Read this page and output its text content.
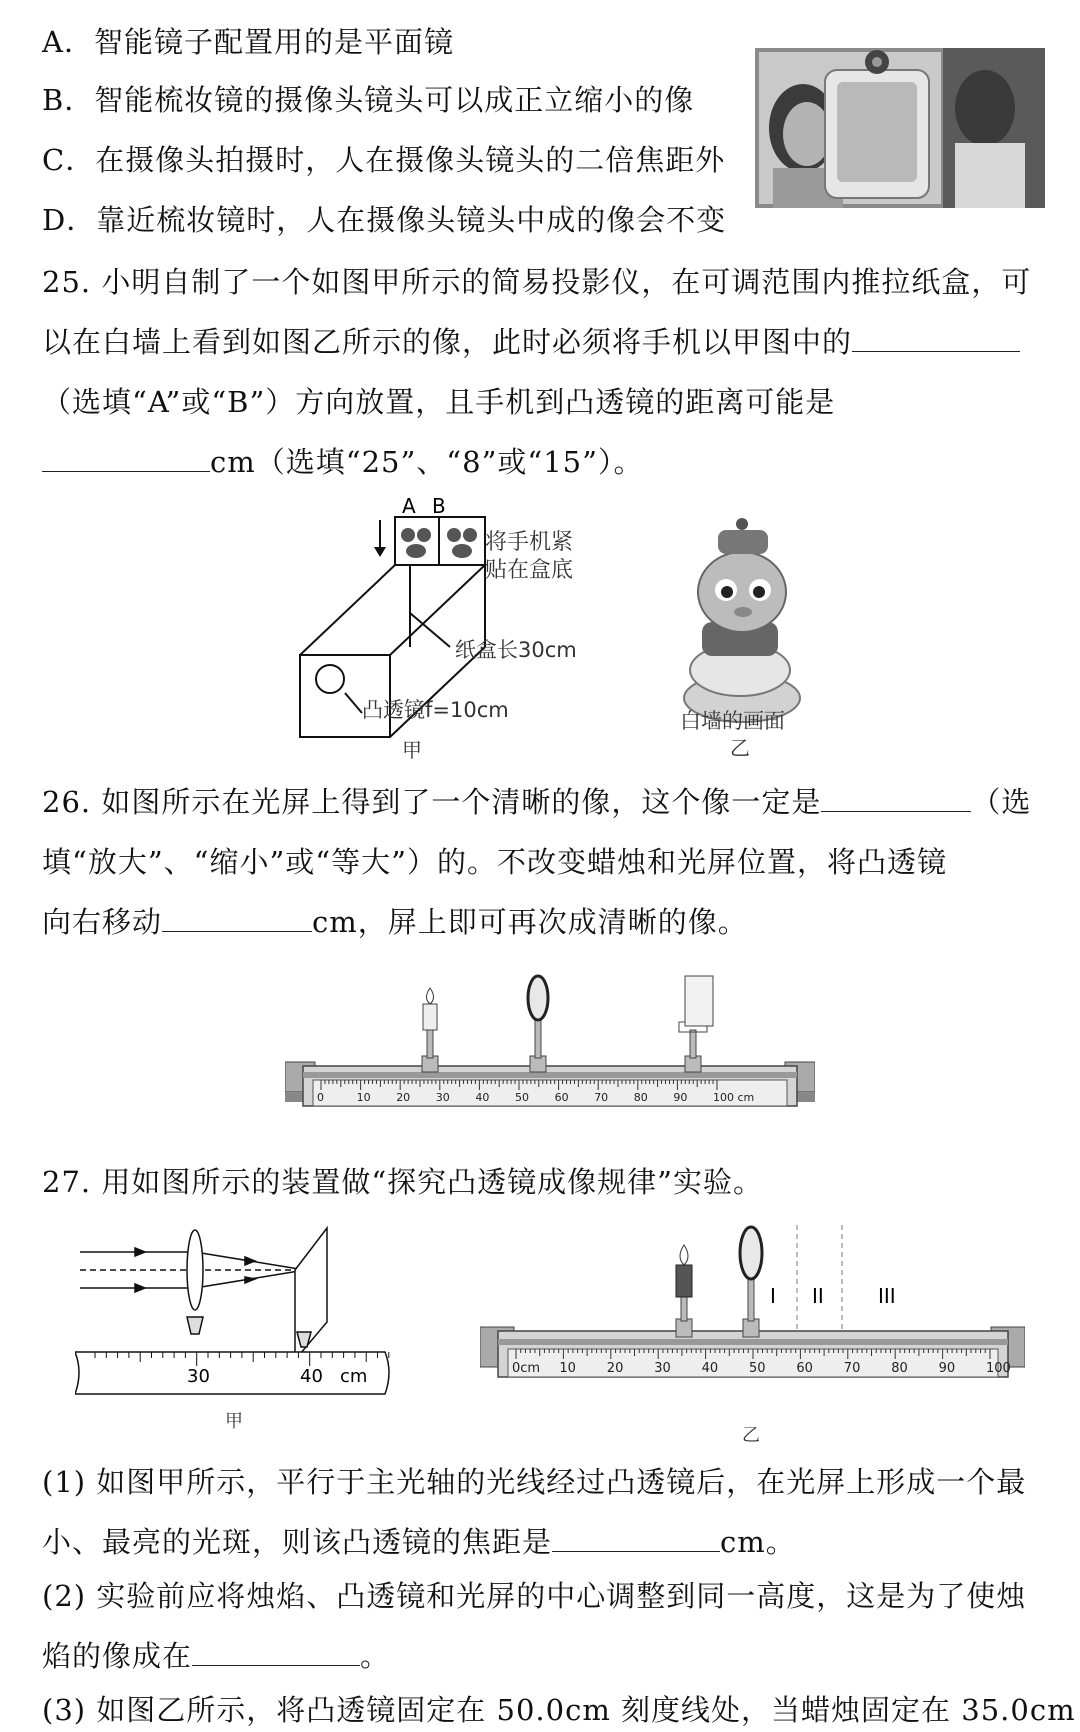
A．智能镜子配置用的是平面镜
B．智能梳妆镜的摄像头镜头可以成正立缩小的像
C．在摄像头拍摄时，人在摄像头镜头的二倍焦距外
D．靠近梳妆镜时，人在摄像头镜头中成的像会不变
25. 小明自制了一个如图甲所示的简易投影仪，在可调范围内推拉纸盒，可
以在白墙上看到如图乙所示的像，此时必须将手机以甲图中的
（选填“A”或“B”）方向放置，且手机到凸透镜的距离可能是
cm（选填“25”、“8”或“15”）。
A B
将手机紧
贴在盒底
纸盒长30cm
凸透镜f=10cm
甲
白墙的画面
乙
26. 如图所示在光屏上得到了一个清晰的像，这个像一定是	（选
填“放大”、“缩小”或“等大”）的。不改变蜡烛和光屏位置，将凸透镜
向右移动	cm，屏上即可再次成清晰的像。
0	10 20 30 40 50 60 70 80 90 100 cm
27. 用如图所示的装置做“探究凸透镜成像规律”实验。
30	40 cm
甲
I II	III
0cm 10 20 30 40 50 60 70 80 90 100
乙
(1) 如图甲所示，平行于主光轴的光线经过凸透镜后，在光屏上形成一个最
小、最亮的光斑，则该凸透镜的焦距是	cm。
(2) 实验前应将烛焰、凸透镜和光屏的中心调整到同一高度，这是为了使烛
焰的像成在	。
(3) 如图乙所示，将凸透镜固定在 50.0cm 刻度线处，当蜡烛固定在 35.0cm
